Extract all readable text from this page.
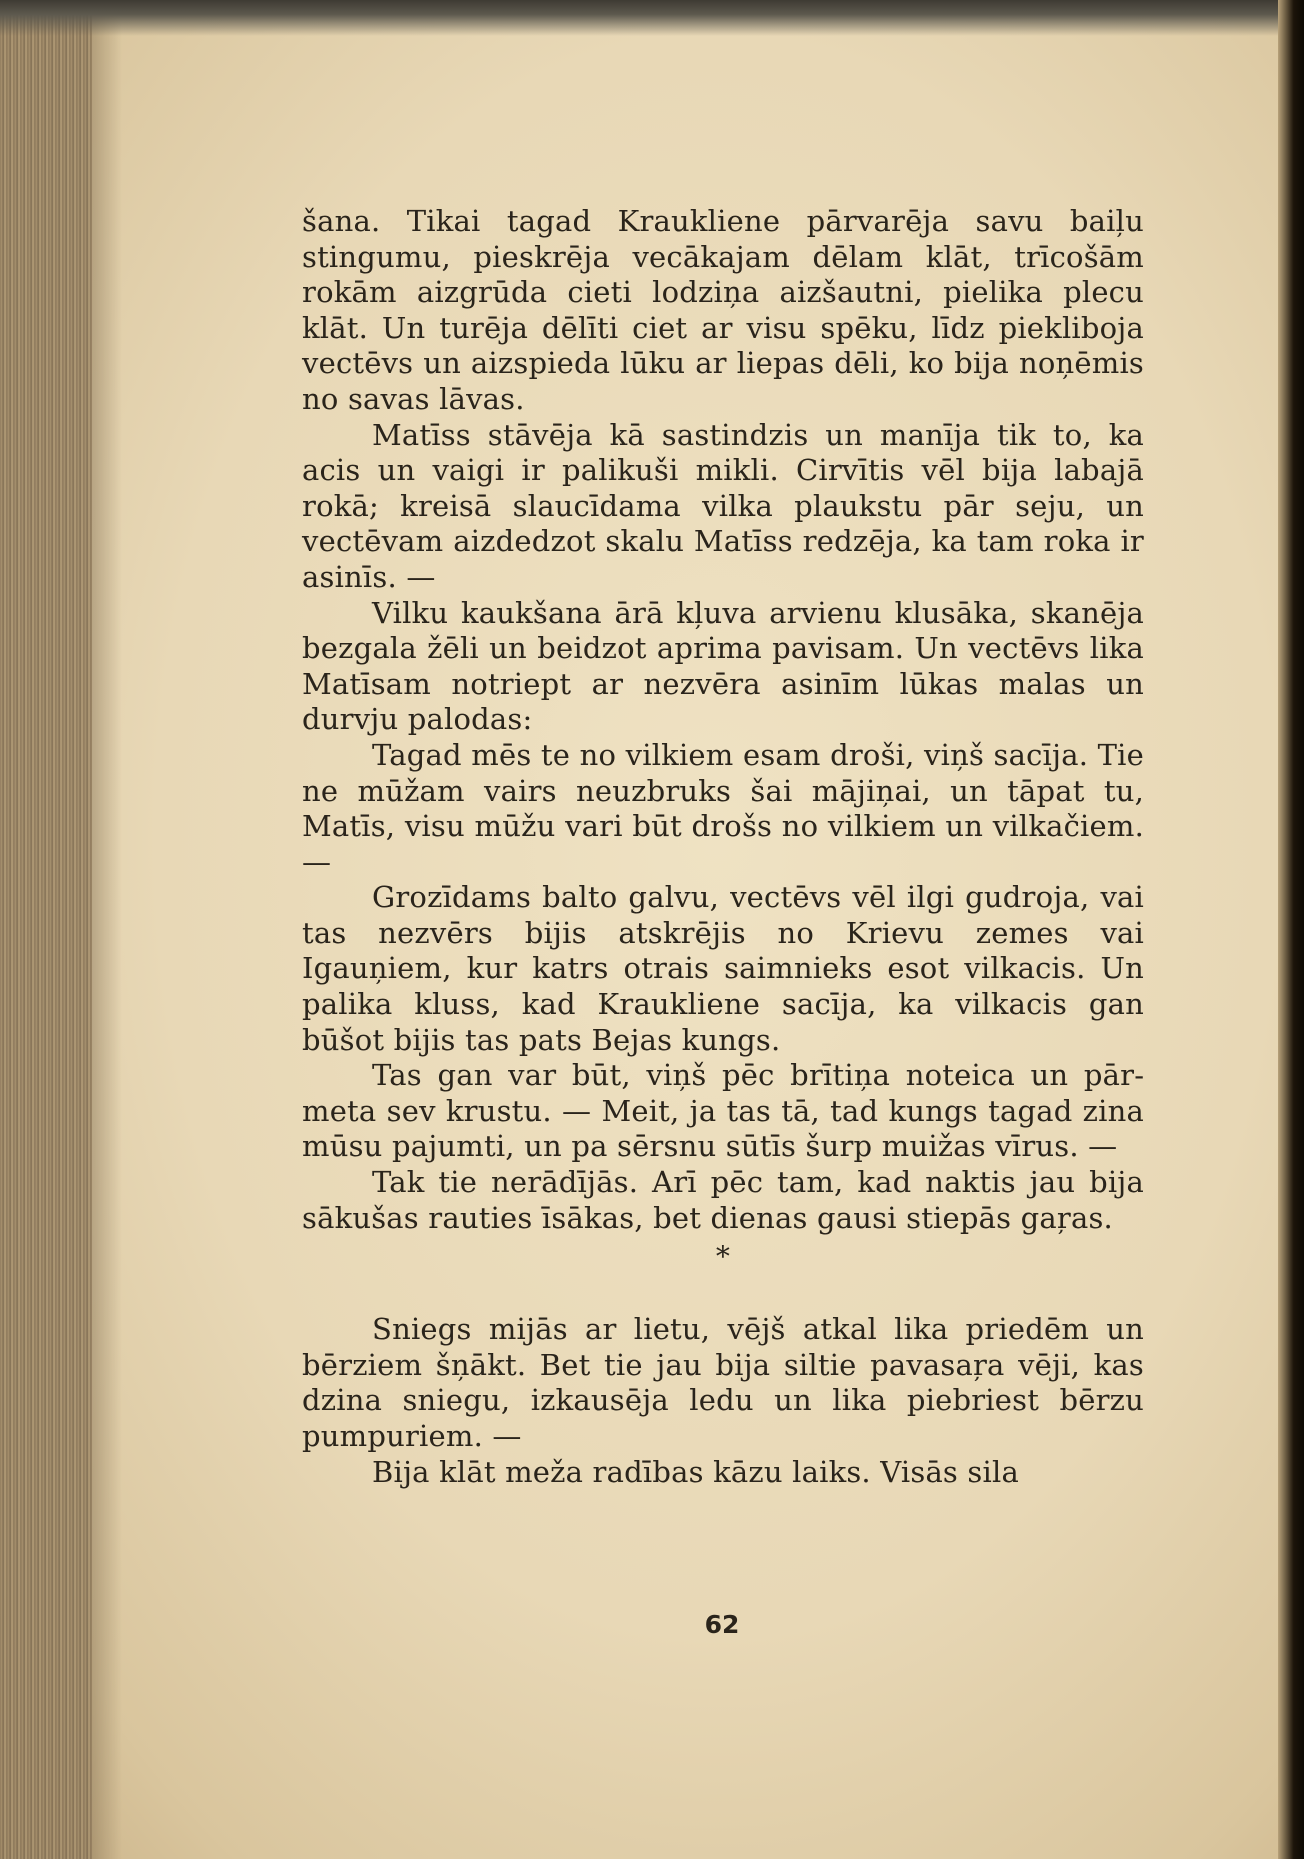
šana. Tikai tagad Kraukliene pārvarēja savu baiļu stingumu, pieskrēja vecākajam dēlam klāt, trīcošām rokām aizgrūda cieti lodziņa aizšautni, pielika plecu klāt. Un turēja dēlīti ciet ar visu spēku, līdz piekliboja vectēvs un aizspieda lūku ar liepas dēli, ko bija noņēmis no savas lāvas.

Matīss stāvēja kā sastindzis un manīja tik to, ka acis un vaigi ir palikuši mikli. Cirvītis vēl bija labajā rokā; kreisā slaucīdama vilka plaukstu pār seju, un vectēvam aizdedzot skalu Matīss redzēja, ka tam roka ir asinīs. —

Vilku kaukšana ārā kļuva arvienu klusāka, skanēja bezgala žēli un beidzot aprima pavisam. Un vectēvs lika Matīsam notriept ar nezvēra asinīm lūkas malas un durvju palodas:

Tagad mēs te no vilkiem esam droši, viņš sacīja. Tie ne mūžam vairs neuzbruks šai mājiņai, un tāpat tu, Matīs, visu mūžu vari būt drošs no vilkiem un vilkačiem. —

Grozīdams balto galvu, vectēvs vēl ilgi gudroja, vai tas nezvērs bijis atskrējis no Krievu zemes vai Igauņiem, kur katrs otrais saimnieks esot vilkacis. Un palika kluss, kad Kraukliene sacīja, ka vilkacis gan būšot bijis tas pats Bejas kungs.

Tas gan var būt, viņš pēc brītiņa noteica un pārmeta sev krustu. — Meit, ja tas tā, tad kungs tagad zina mūsu pajumti, un pa sērsnu sūtīs šurp muižas vīrus. —

Tak tie nerādījās. Arī pēc tam, kad naktis jau bija sākušas rauties īsākas, bet dienas gausi stiepās gaŗas.

*

Sniegs mijās ar lietu, vējš atkal lika priedēm un bērziem šņākt. Bet tie jau bija siltie pavasaŗa vēji, kas dzina sniegu, izkausēja ledu un lika piebriest bērzu pumpuriem. —

Bija klāt meža radības kāzu laiks. Visās sila

62
